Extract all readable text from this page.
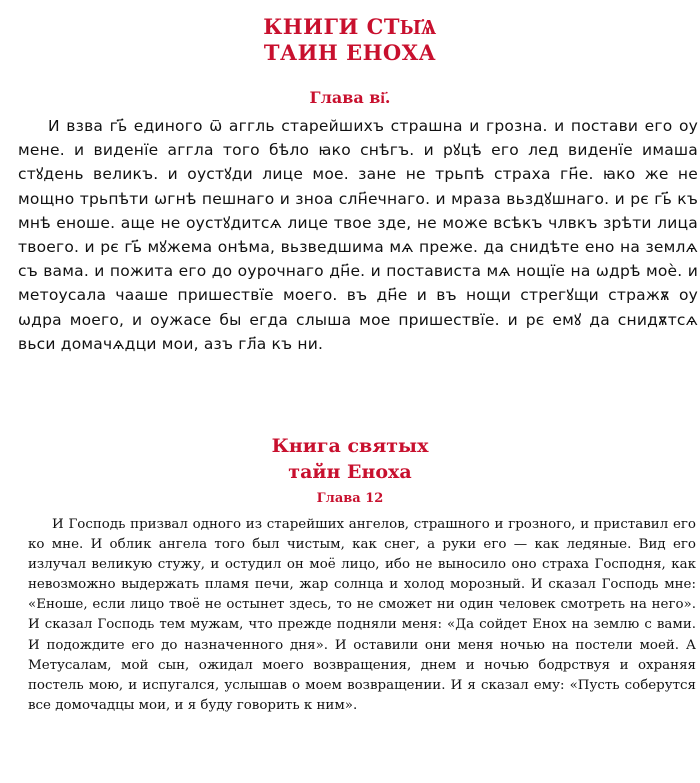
КНИГИ СТЫ҃Ѧ
ТАИН ЕНОХА
Глава ві҃.

И взва гь҃ единого ѿ аггль старейшихъ страшна и грозна. и постави его оу мене. и виденїе аггла того бѣло ꙗко снѣгъ. и рꙋцѣ его лед виденїе имаша стꙋдень великъ. и оустꙋди лице мое. зане не трьпѣ страха гн҃е. ꙗко же не мощно трьпѣти ѡгнѣ пешнаго и зноа слн҃ечнаго. и мраза вьздꙋшнаго. и рє гь҃ къ мнѣ еноше. аще не оустꙋдитсѧ лице твое зде, не може всѣкъ члвкъ зрѣти лица твоего. и рє гь҃ мꙋжема онѣма, вьзведшима мѧ преже. да снидѣте ено на землѧ съ вама. и пожита его до оурочнаго дн҃е. и постависта мѧ нощїе на ѡдрѣ моѐ. и метоусала чааше пришествїе моего. въ дн҃е и въ нощи стрегꙋщи стражѫ оу ѡдра моего, и оужасе бы егда слыша мое пришествїе. и рє емꙋ да снидѫтсѧ вьси домачѧдци мои, азъ гл҃а къ ни.

Книга святых
тайн Еноха
Глава 12

И Господь призвал одного из старейших ангелов, страшного и грозного, и приставил его ко мне. И облик ангела того был чистым, как снег, а руки его — как ледяные. Вид его излучал великую стужу, и остудил он моё лицо, ибо не выносило оно страха Господня, как невозможно выдержать пламя печи, жар солнца и холод морозный. И сказал Господь мне: «Еноше, если лицо твоё не остынет здесь, то не сможет ни один человек смотреть на него». И сказал Господь тем мужам, что прежде подняли меня: «Да сойдет Енох на землю с вами. И подождите его до назначенного дня». И оставили они меня ночью на постели моей. А Метусалам, мой сын, ожидал моего возвращения, днем и ночью бодрствуя и охраняя постель мою, и испугался, услышав о моем возвращении. И я сказал ему: «Пусть соберутся все домочадцы мои, и я буду говорить к ним».
